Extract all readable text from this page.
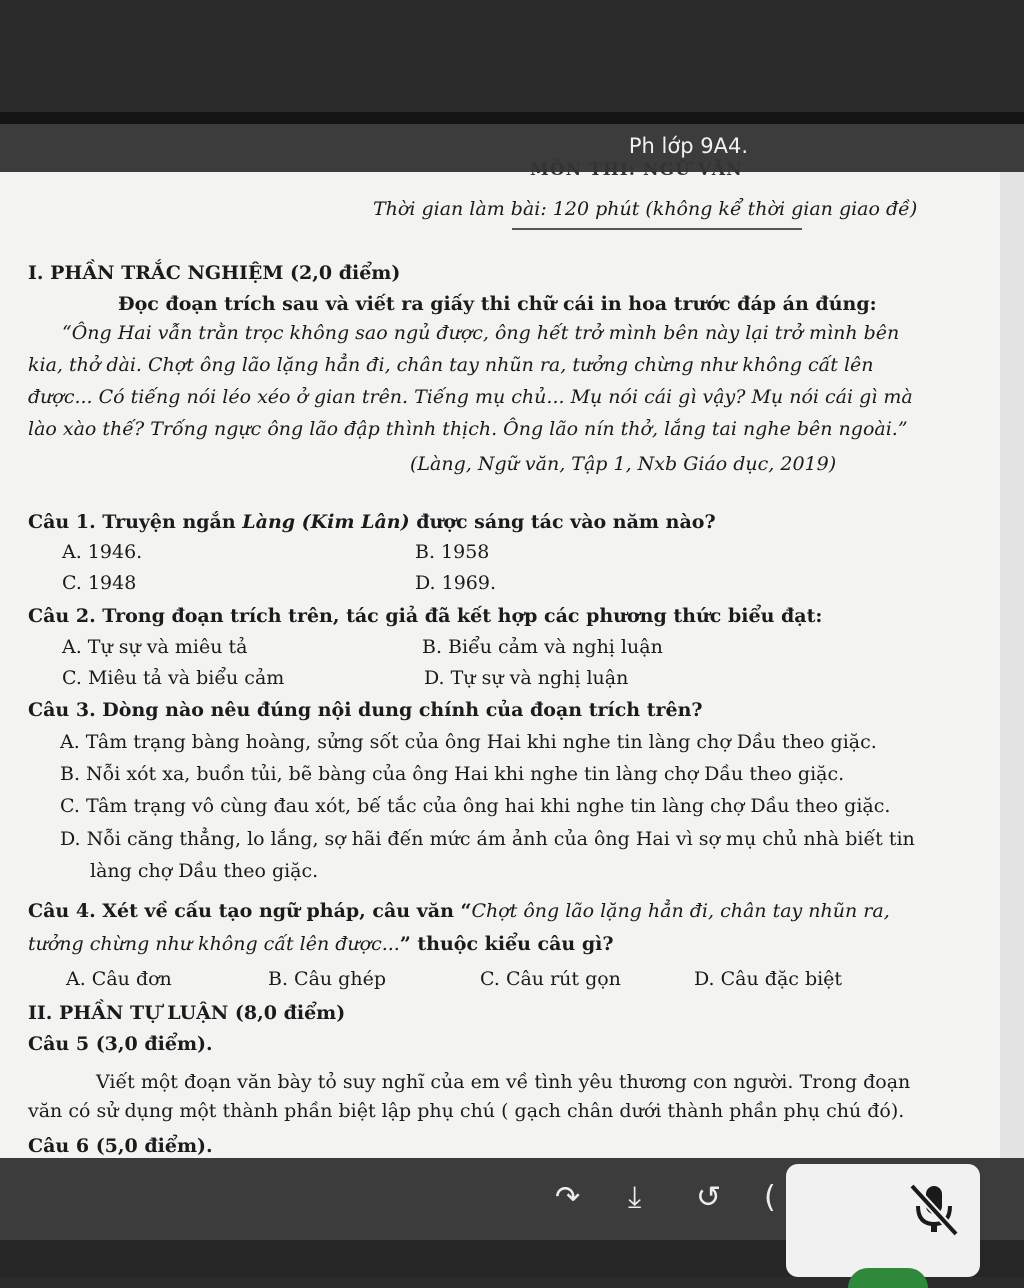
Ph lớp 9A4.
MÔN THI: NGỮ VĂN
Thời gian làm bài: 120 phút (không kể thời gian giao đề)
I. PHẦN TRẮC NGHIỆM (2,0 điểm)
Đọc đoạn trích sau và viết ra giấy thi chữ cái in hoa trước đáp án đúng:
“Ông Hai vẫn trằn trọc không sao ngủ được, ông hết trở mình bên này lại trở mình bên
kia, thở dài. Chợt ông lão lặng hẳn đi, chân tay nhũn ra, tưởng chừng như không cất lên
được... Có tiếng nói léo xéo ở gian trên. Tiếng mụ chủ... Mụ nói cái gì vậy? Mụ nói cái gì mà
lào xào thế? Trống ngực ông lão đập thình thịch. Ông lão nín thở, lắng tai nghe bên ngoài.”
(Làng, Ngữ văn, Tập 1, Nxb Giáo dục, 2019)
Câu 1. Truyện ngắn Làng (Kim Lân) được sáng tác vào năm nào?
A. 1946.	B. 1958
C. 1948	D. 1969.
Câu 2. Trong đoạn trích trên, tác giả đã kết hợp các phương thức biểu đạt:
A. Tự sự và miêu tả	B. Biểu cảm và nghị luận
C. Miêu tả và biểu cảm	D. Tự sự và nghị luận
Câu 3. Dòng nào nêu đúng nội dung chính của đoạn trích trên?
A. Tâm trạng bàng hoàng, sửng sốt của ông Hai khi nghe tin làng chợ Dầu theo giặc.
B. Nỗi xót xa, buồn tủi, bẽ bàng của ông Hai khi nghe tin làng chợ Dầu theo giặc.
C. Tâm trạng vô cùng đau xót, bế tắc của ông hai khi nghe tin làng chợ Dầu theo giặc.
D. Nỗi căng thẳng, lo lắng, sợ hãi đến mức ám ảnh của ông Hai vì sợ mụ chủ nhà biết tin
làng chợ Dầu theo giặc.
Câu 4. Xét về cấu tạo ngữ pháp, câu văn “Chợt ông lão lặng hẳn đi, chân tay nhũn ra,
tưởng chừng như không cất lên được...” thuộc kiểu câu gì?
A. Câu đơn	B. Câu ghép	C. Câu rút gọn	D. Câu đặc biệt
II. PHẦN TỰ LUẬN (8,0 điểm)
Câu 5 (3,0 điểm).
Viết một đoạn văn bày tỏ suy nghĩ của em về tình yêu thương con người. Trong đoạn
văn có sử dụng một thành phần biệt lập phụ chú ( gạch chân dưới thành phần phụ chú đó).
Câu 6 (5,0 điểm).
↷ ⤓ ↺ (
